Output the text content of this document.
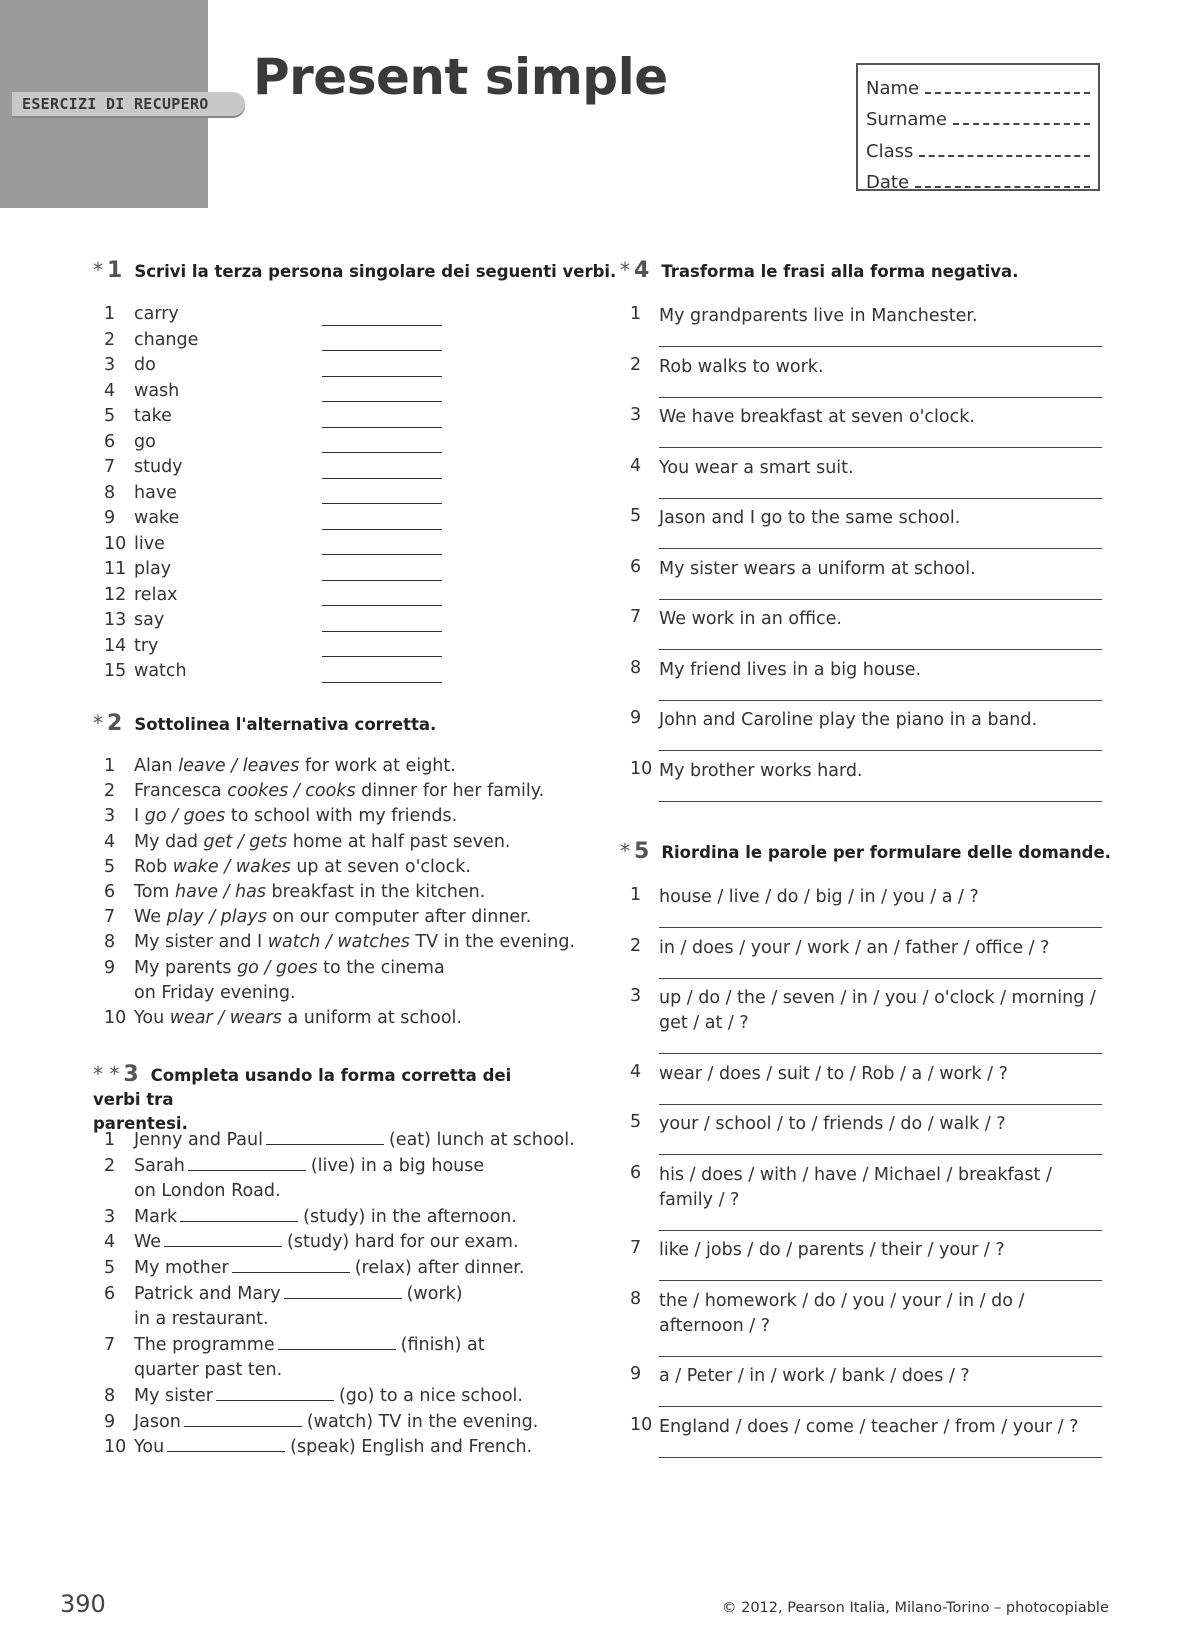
ESERCIZI DI RECUPERO Present simple	Name
Surname
Class
Date
* 1 Scrivi la terza persona singolare dei seguenti verbi.
1	carry
2	change
3	do
4	wash
5	take
6	go
7	study
8	have
9	wake
10 live
11 play
12 relax
13 say
14 try
15 watch
* 2 Sottolinea l'alternativa corretta.
1	Alan leave / leaves for work at eight.
2	Francesca cookes / cooks dinner for her family.
3	I go / goes to school with my friends.
4	My dad get / gets home at half past seven.
5	Rob wake / wakes up at seven o'clock.
6	Tom have / has breakfast in the kitchen.
7	We play / plays on our computer after dinner.
8	My sister and I watch / watches TV in the evening.
9	My parents go / goes to the cinema
on Friday evening.
10 You wear / wears a uniform at school.
* * 3 Completa usando la forma corretta dei verbi tra
parentesi.
1	Jenny and Paul	(eat) lunch at school.
2	Sarah	(live) in a big house
on London Road.
3	Mark	(study) in the afternoon.
4	We	(study) hard for our exam.
5	My mother	(relax) after dinner.
6	Patrick and Mary	(work)
in a restaurant.
7	The programme	(finish) at
quarter past ten.
8	My sister	(go) to a nice school.
9	Jason	(watch) TV in the evening.
10 You	(speak) English and French.
* 4 Trasforma le frasi alla forma negativa.
1 My grandparents live in Manchester.
2 Rob walks to work.
3 We have breakfast at seven o'clock.
4 You wear a smart suit.
5 Jason and I go to the same school.
6 My sister wears a uniform at school.
7 We work in an office.
8 My friend lives in a big house.
9 John and Caroline play the piano in a band.
10 My brother works hard.
* 5 Riordina le parole per formulare delle domande.
1 house / live / do / big / in / you / a / ?
2 in / does / your / work / an / father / office / ?
3 up / do / the / seven / in / you / o'clock / morning /
get / at / ?
4 wear / does / suit / to / Rob / a / work / ?
5 your / school / to / friends / do / walk / ?
6 his / does / with / have / Michael / breakfast /
family / ?
7 like / jobs / do / parents / their / your / ?
8 the / homework / do / you / your / in / do /
afternoon / ?
9 a / Peter / in / work / bank / does / ?
10 England / does / come / teacher / from / your / ?
390	© 2012, Pearson Italia, Milano-Torino – photocopiable
